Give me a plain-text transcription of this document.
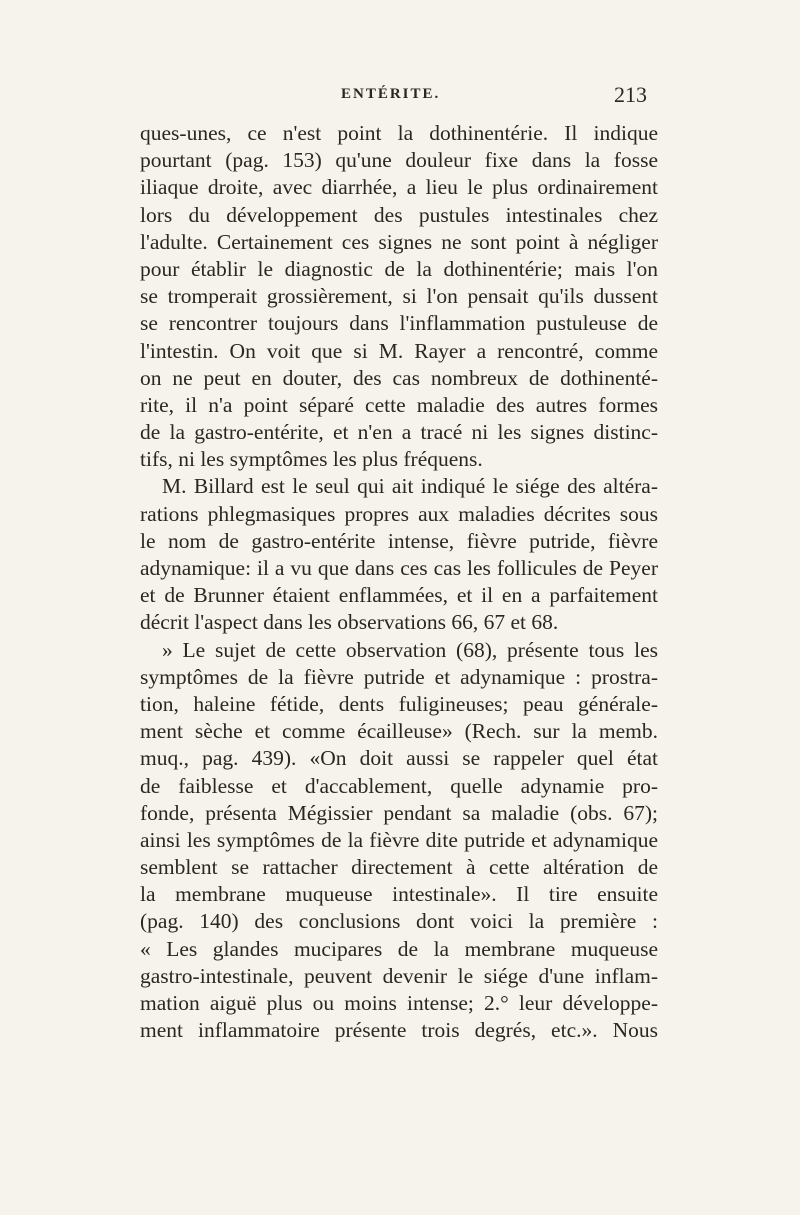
ENTÉRITE.	213
ques-unes, ce n'est point la dothinentérie. Il indique
pourtant (pag. 153) qu'une douleur fixe dans la fosse
iliaque droite, avec diarrhée, a lieu le plus ordinairement
lors du développement des pustules intestinales chez
l'adulte. Certainement ces signes ne sont point à négliger
pour établir le diagnostic de la dothinentérie; mais l'on
se tromperait grossièrement, si l'on pensait qu'ils dussent
se rencontrer toujours dans l'inflammation pustuleuse de
l'intestin. On voit que si M. Rayer a rencontré, comme
on ne peut en douter, des cas nombreux de dothinenté-
rite, il n'a point séparé cette maladie des autres formes
de la gastro-entérite, et n'en a tracé ni les signes distinc-
tifs, ni les symptômes les plus fréquens.
M. Billard est le seul qui ait indiqué le siége des altéra-
rations phlegmasiques propres aux maladies décrites sous
le nom de gastro-entérite intense, fièvre putride, fièvre
adynamique: il a vu que dans ces cas les follicules de Peyer
et de Brunner étaient enflammées, et il en a parfaitement
décrit l'aspect dans les observations 66, 67 et 68.
» Le sujet de cette observation (68), présente tous les
symptômes de la fièvre putride et adynamique : prostra-
tion, haleine fétide, dents fuligineuses; peau générale-
ment sèche et comme écailleuse» (Rech. sur la memb.
muq., pag. 439). «On doit aussi se rappeler quel état
de faiblesse et d'accablement, quelle adynamie pro-
fonde, présenta Mégissier pendant sa maladie (obs. 67);
ainsi les symptômes de la fièvre dite putride et adynamique
semblent se rattacher directement à cette altération de
la membrane muqueuse intestinale». Il tire ensuite
(pag. 140) des conclusions dont voici la première :
« Les glandes mucipares de la membrane muqueuse
gastro-intestinale, peuvent devenir le siége d'une inflam-
mation aiguë plus ou moins intense; 2.° leur développe-
ment inflammatoire présente trois degrés, etc.». Nous
